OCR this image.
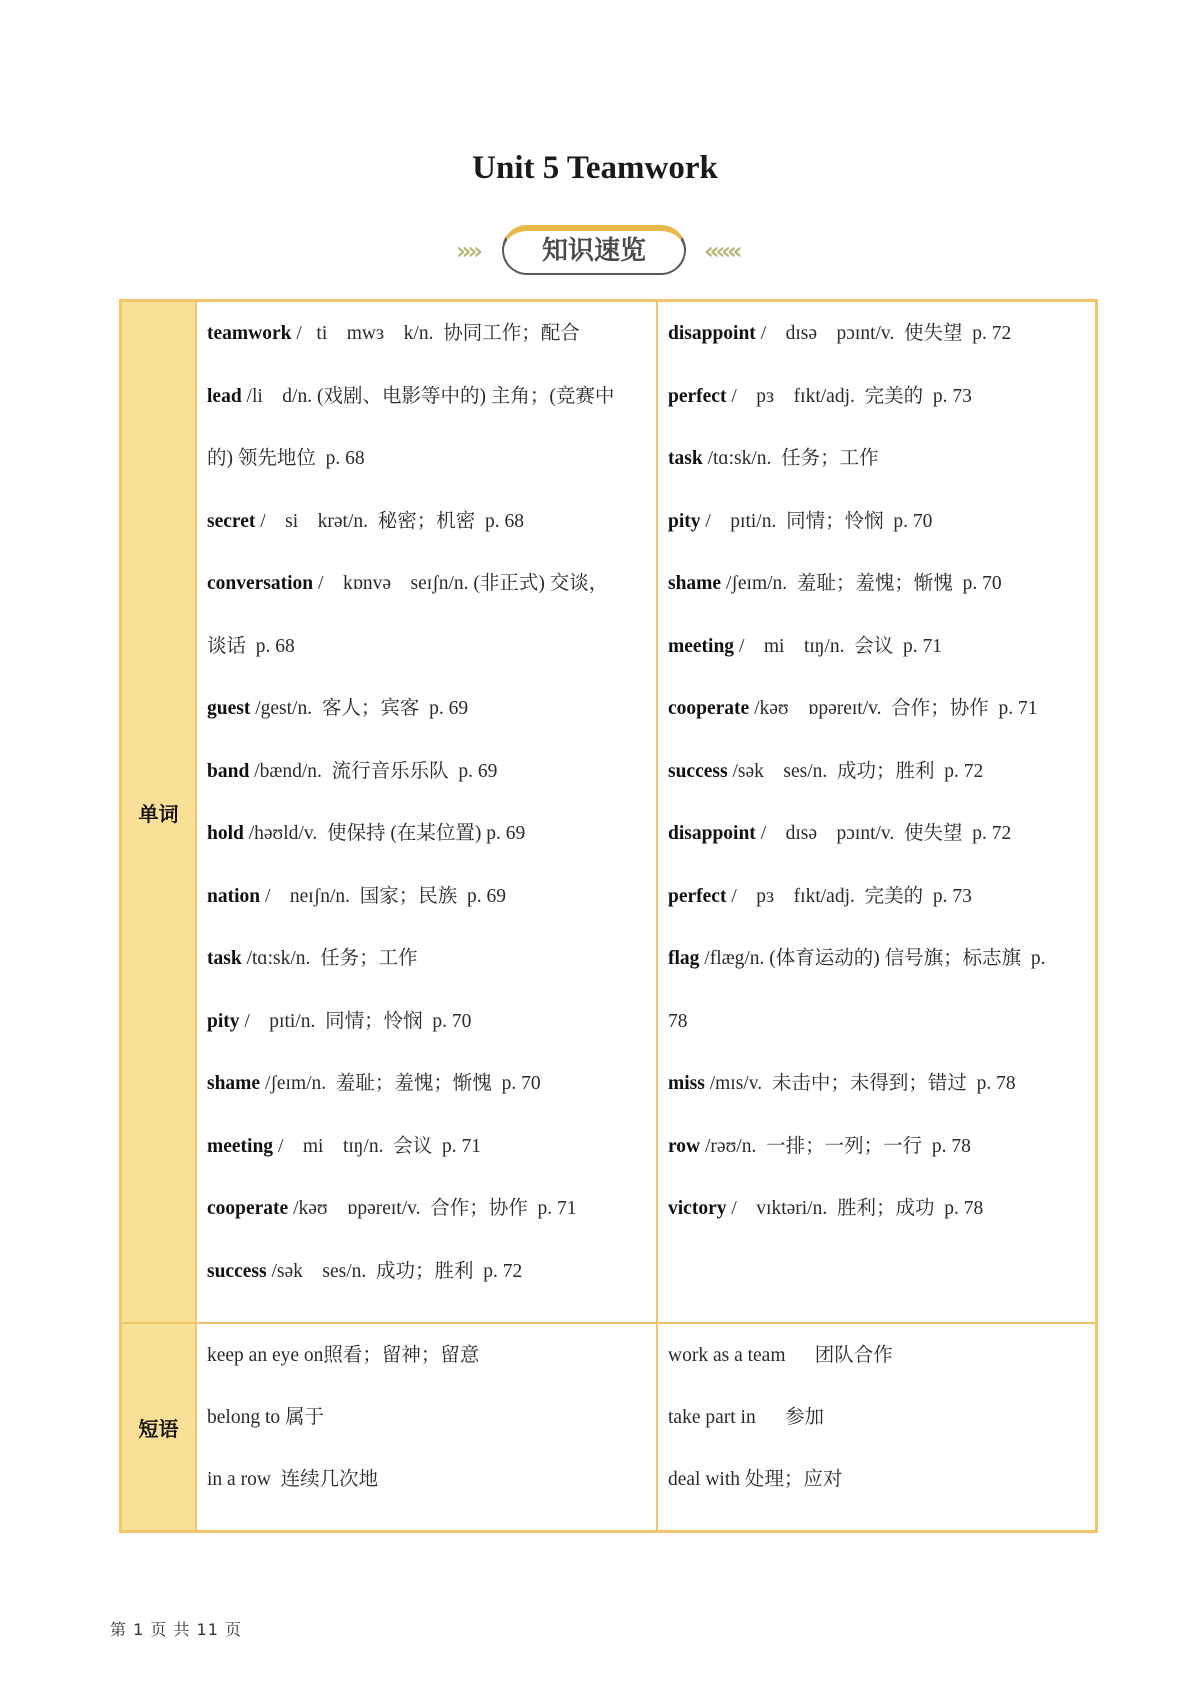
Unit 5 Teamwork
»»	知识速览	«««
单词
teamwork /   ti    mwɜ    k/n.  协同工作；配合
lead /li    d/n. (戏剧、电影等中的) 主角；(竞赛中
的) 领先地位  p. 68
secret /    si    krət/n.  秘密；机密  p. 68
conversation /    kɒnvə    seɪʃn/n. (非正式) 交谈，
谈话  p. 68
guest /gest/n.  客人；宾客  p. 69
band /bænd/n.  流行音乐乐队  p. 69
hold /həʊld/v.  使保持 (在某位置) p. 69
nation /    neɪʃn/n.  国家；民族  p. 69
task /tɑ:sk/n.  任务；工作
pity /    pɪti/n.  同情；怜悯  p. 70
shame /ʃeɪm/n.  羞耻；羞愧；惭愧  p. 70
meeting /    mi    tɪŋ/n.  会议  p. 71
cooperate /kəʊ    ɒpəreɪt/v.  合作；协作  p. 71
success /sək    ses/n.  成功；胜利  p. 72
disappoint /    dɪsə    pɔɪnt/v.  使失望  p. 72
perfect /    pɜ    fɪkt/adj.  完美的  p. 73
task /tɑ:sk/n.  任务；工作
pity /    pɪti/n.  同情；怜悯  p. 70
shame /ʃeɪm/n.  羞耻；羞愧；惭愧  p. 70
meeting /    mi    tɪŋ/n.  会议  p. 71
cooperate /kəʊ    ɒpəreɪt/v.  合作；协作  p. 71
success /sək    ses/n.  成功；胜利  p. 72
disappoint /    dɪsə    pɔɪnt/v.  使失望  p. 72
perfect /    pɜ    fɪkt/adj.  完美的  p. 73
flag /flæg/n. (体育运动的) 信号旗；标志旗  p.
78
miss /mɪs/v.  未击中；未得到；错过  p. 78
row /rəʊ/n.  一排；一列；一行  p. 78
victory /    vɪktəri/n.  胜利；成功  p. 78
短语
keep an eye on照看；留神；留意
belong to 属于
in a row  连续几次地
work as a team      团队合作
take part in      参加
deal with 处理；应对
第 1 页 共 11 页
